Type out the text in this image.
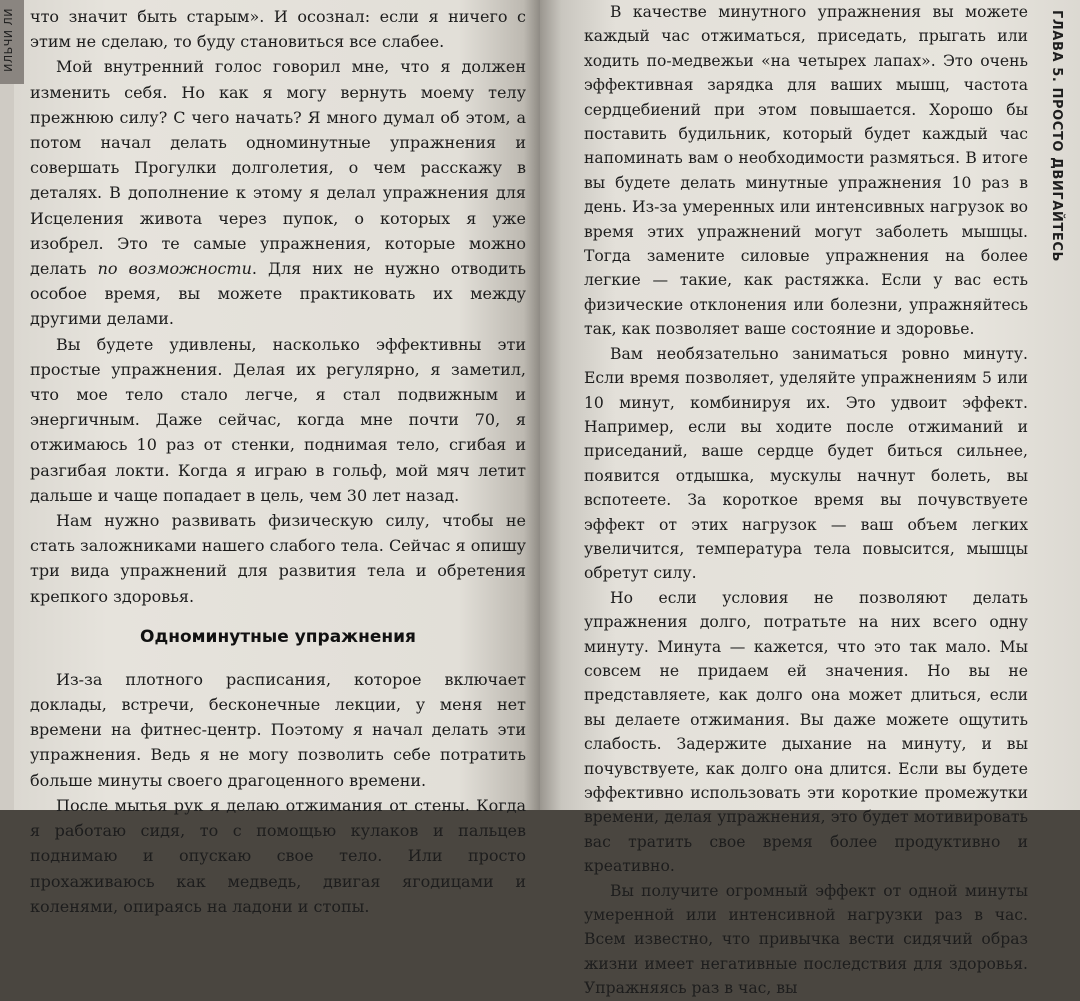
ИЛЬЧИ ЛИ что значит быть старым». И осознал: если я ничего с этим не сделаю, то буду становиться все слабее.

Мой внутренний голос говорил мне, что я должен изменить себя. Но как я могу вернуть моему телу прежнюю силу? С чего начать? Я много думал об этом, а потом начал делать одноминутные упражнения и совершать Прогулки долголетия, о чем расскажу в деталях. В дополнение к этому я делал упражнения для Исцеления живота через пупок, о которых я уже изобрел. Это те самые упражнения, которые можно делать по возможности. Для них не нужно отводить особое время, вы можете практиковать их между другими делами.

Вы будете удивлены, насколько эффективны эти простые упражнения. Делая их регулярно, я заметил, что мое тело стало легче, я стал подвижным и энергичным. Даже сейчас, когда мне почти 70, я отжимаюсь 10 раз от стенки, поднимая тело, сгибая и разгибая локти. Когда я играю в гольф, мой мяч летит дальше и чаще попадает в цель, чем 30 лет назад.

Нам нужно развивать физическую силу, чтобы не стать заложниками нашего слабого тела. Сейчас я опишу три вида упражнений для развития тела и обретения крепкого здоровья.

Одноминутные упражнения

Из-за плотного расписания, которое включает доклады, встречи, бесконечные лекции, у меня нет времени на фитнес-центр. Поэтому я начал делать эти упражнения. Ведь я не могу позволить себе потратить больше минуты своего драгоценного времени.

После мытья рук я делаю отжимания от стены. Когда я работаю сидя, то с помощью кулаков и пальцев поднимаю и опускаю свое тело. Или просто прохаживаюсь как медведь, двигая ягодицами и коленями, опираясь на ладони и стопы.

ГЛАВА 5. ПРОСТО ДВИГАЙТЕСЬ

В качестве минутного упражнения вы можете каждый час отжиматься, приседать, прыгать или ходить по-медвежьи «на четырех лапах». Это очень эффективная зарядка для ваших мышц, частота сердцебиений при этом повышается. Хорошо бы поставить будильник, который будет каждый час напоминать вам о необходимости размяться. В итоге вы будете делать минутные упражнения 10 раз в день. Из-за умеренных или интенсивных нагрузок во время этих упражнений могут заболеть мышцы. Тогда замените силовые упражнения на более легкие — такие, как растяжка. Если у вас есть физические отклонения или болезни, упражняйтесь так, как позволяет ваше состояние и здоровье.

Вам необязательно заниматься ровно минуту. Если время позволяет, уделяйте упражнениям 5 или 10 минут, комбинируя их. Это удвоит эффект. Например, если вы ходите после отжиманий и приседаний, ваше сердце будет биться сильнее, появится отдышка, мускулы начнут болеть, вы вспотеете. За короткое время вы почувствуете эффект от этих нагрузок — ваш объем легких увеличится, температура тела повысится, мышцы обретут силу.

Но если условия не позволяют делать упражнения долго, потратьте на них всего одну минуту. Минута — кажется, что это так мало. Мы совсем не придаем ей значения. Но вы не представляете, как долго она может длиться, если вы делаете отжимания. Вы даже можете ощутить слабость. Задержите дыхание на минуту, и вы почувствуете, как долго она длится. Если вы будете эффективно использовать эти короткие промежутки времени, делая упражнения, это будет мотивировать вас тратить свое время более продуктивно и креативно.

Вы получите огромный эффект от одной минуты умеренной или интенсивной нагрузки раз в час. Всем известно, что привычка вести сидячий образ жизни имеет негативные последствия для здоровья. Упражняясь раз в час, вы
